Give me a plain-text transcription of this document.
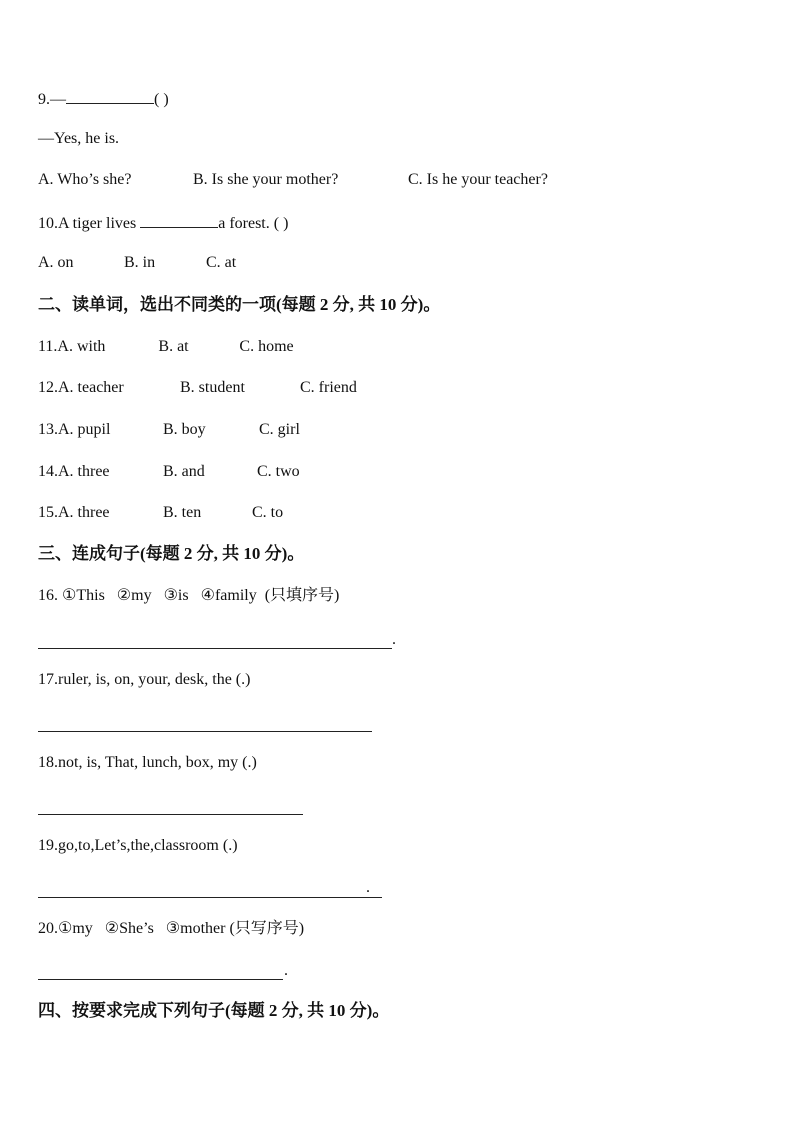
9.—	( )
—Yes, he is.
A. Who’s she?	B. Is she your mother?	C. Is he your teacher?
10.A tiger lives	a forest. ( )
A. on	B. in	C. at
二、读单词，选出不同类的一项(每题 2 分, 共 10 分)。
11. A. with	B. at	C. home
12. A. teacher	B. student	C. friend
13. A. pupil	B. boy	C. girl
14. A. three	B. and	C. two
15. A. three	B. ten	C. to
三、连成句子(每题 2 分, 共 10 分)。
16. ①This   ②my   ③is   ④family  (只填序号)
.
17.ruler, is, on, your, desk, the (.)
18.not, is, That, lunch, box, my (.)
19.go,to,Let’s,the,classroom (.)
.
20.①my   ②She’s   ③mother (只写序号)
.
四、按要求完成下列句子(每题 2 分, 共 10 分)。
